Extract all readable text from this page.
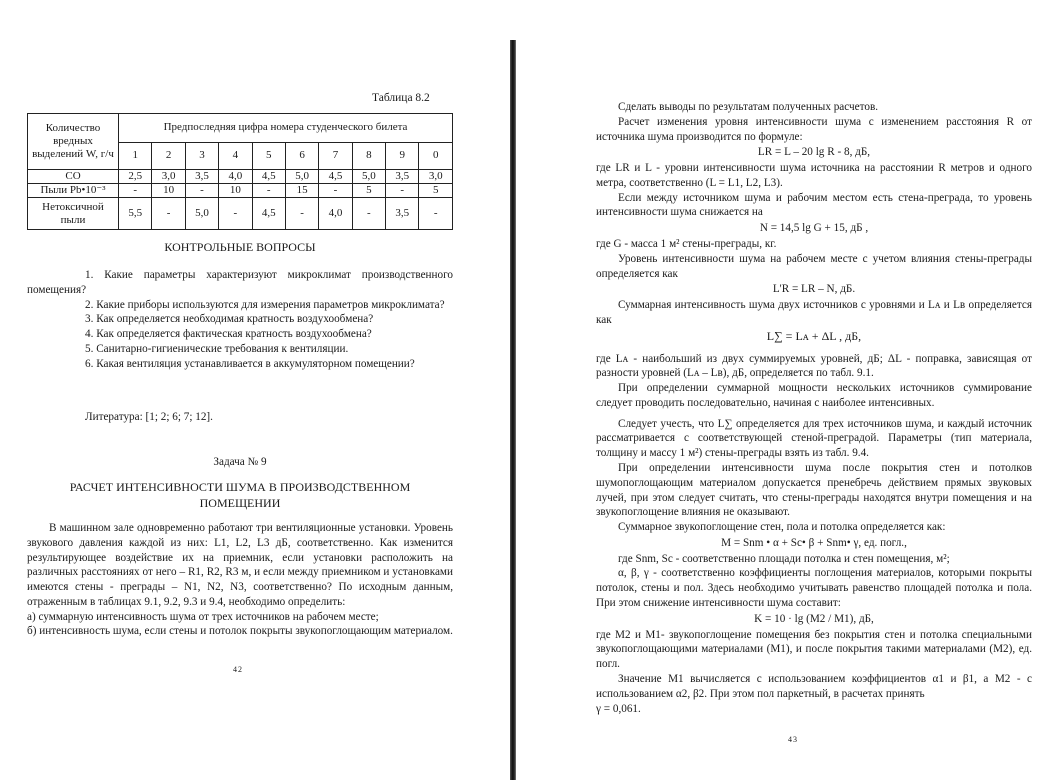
Таблица 8.2
Количество вредных выделений W, г/ч	Предпоследняя цифра номера студенческого билета									
	1	2	3	4	5	6	7	8	9	0
CO	2,5	3,0	3,5	4,0	4,5	5,0	4,5	5,0	3,5	3,0
Пыли Pb•10⁻³	-	10	-	10	-	15	-	5	-	5
Нетоксичной пыли	5,5	-	5,0	-	4,5	-	4,0	-	3,5	-
КОНТРОЛЬНЫЕ ВОПРОСЫ

1. Какие параметры характеризуют микроклимат производственного помещения?

2. Какие приборы используются для измерения параметров микроклимата?

3. Как определяется необходимая кратность воздухообмена?

4. Как определяется фактическая кратность воздухообмена?

5. Санитарно-гигиенические требования к вентиляции.

6. Какая вентиляция устанавливается в аккумуляторном помещении?

Литература: [1; 2; 6; 7; 12].
Задача № 9
РАСЧЕТ ИНТЕНСИВНОСТИ ШУМА В ПРОИЗВОДСТВЕННОМ ПОМЕЩЕНИИ

В машинном зале одновременно работают три вентиляционные установки. Уровень звукового давления каждой из них: L1, L2, L3 дБ, соответственно. Как изменится результирующее воздействие их на приемник, если установки расположить на различных расстояниях от него – R1, R2, R3 м, и если между приемником и установками имеются стены - преграды – N1, N2, N3, соответственно? По исходным данным, отраженным в таблицах 9.1, 9.2, 9.3 и 9.4, необходимо определить:

а) суммарную интенсивность шума от трех источников на рабочем месте;

б) интенсивность шума, если стены и потолок покрыты звукопоглощающим материалом.

42

Сделать выводы по результатам полученных расчетов.

Расчет изменения уровня интенсивности шума с изменением расстояния R от источника шума производится по формуле:

LR = L – 20 lg R - 8, дБ,

где LR и L - уровни интенсивности шума источника на расстоянии R метров и одного метра, соответственно (L = L1, L2, L3).

Если между источником шума и рабочим местом есть стена-преграда, то уровень интенсивности шума снижается на

N = 14,5 lg G + 15, дБ ,

где G - масса 1 м² стены-преграды, кг.

Уровень интенсивности шума на рабочем месте с учетом влияния стены-преграды определяется как

L'R = LR – N, дБ.

Суммарная интенсивность шума двух источников с уровнями и Lᴀ и Lв определяется как

L∑ = Lᴀ + ΔL , дБ,

где Lᴀ - наибольший из двух суммируемых уровней, дБ; ΔL - поправка, зависящая от разности уровней (Lᴀ – Lв), дБ, определяется по табл. 9.1.

При определении суммарной мощности нескольких источников суммирование следует проводить последовательно, начиная с наиболее интенсивных.

Следует учесть, что L∑ определяется для трех источников шума, и каждый источник рассматривается с соответствующей стеной-преградой. Параметры (тип материала, толщину и массу 1 м²) стены-преграды взять из табл. 9.4.

При определении интенсивности шума после покрытия стен и потолков шумопоглощающим материалом допускается пренебречь действием прямых звуковых лучей, при этом следует считать, что стены-преграды находятся внутри помещения и на звукопоглощение влияния не оказывают.

Суммарное звукопоглощение стен, пола и потолка определяется как:

M = Snm • α + Sc• β + Snm• γ, ед. погл.,

где Snm, Sc - соответственно площади потолка и стен помещения, м²;

α, β, γ - соответственно коэффициенты поглощения материалов, которыми покрыты потолок, стены и пол. Здесь необходимо учитывать равенство площадей потолка и пола. При этом снижение интенсивности шума составит:

K = 10 · lg (M2 / M1), дБ,

где М2 и М1- звукопоглощение помещения без покрытия стен и потолка специальными звукопоглощающими материалами (М1), и после покрытия такими материалами (М2), ед. погл.

Значение М1 вычисляется с использованием коэффициентов α1 и β1, а М2 - с использованием α2, β2. При этом пол паркетный, в расчетах принять

γ = 0,061.

43
